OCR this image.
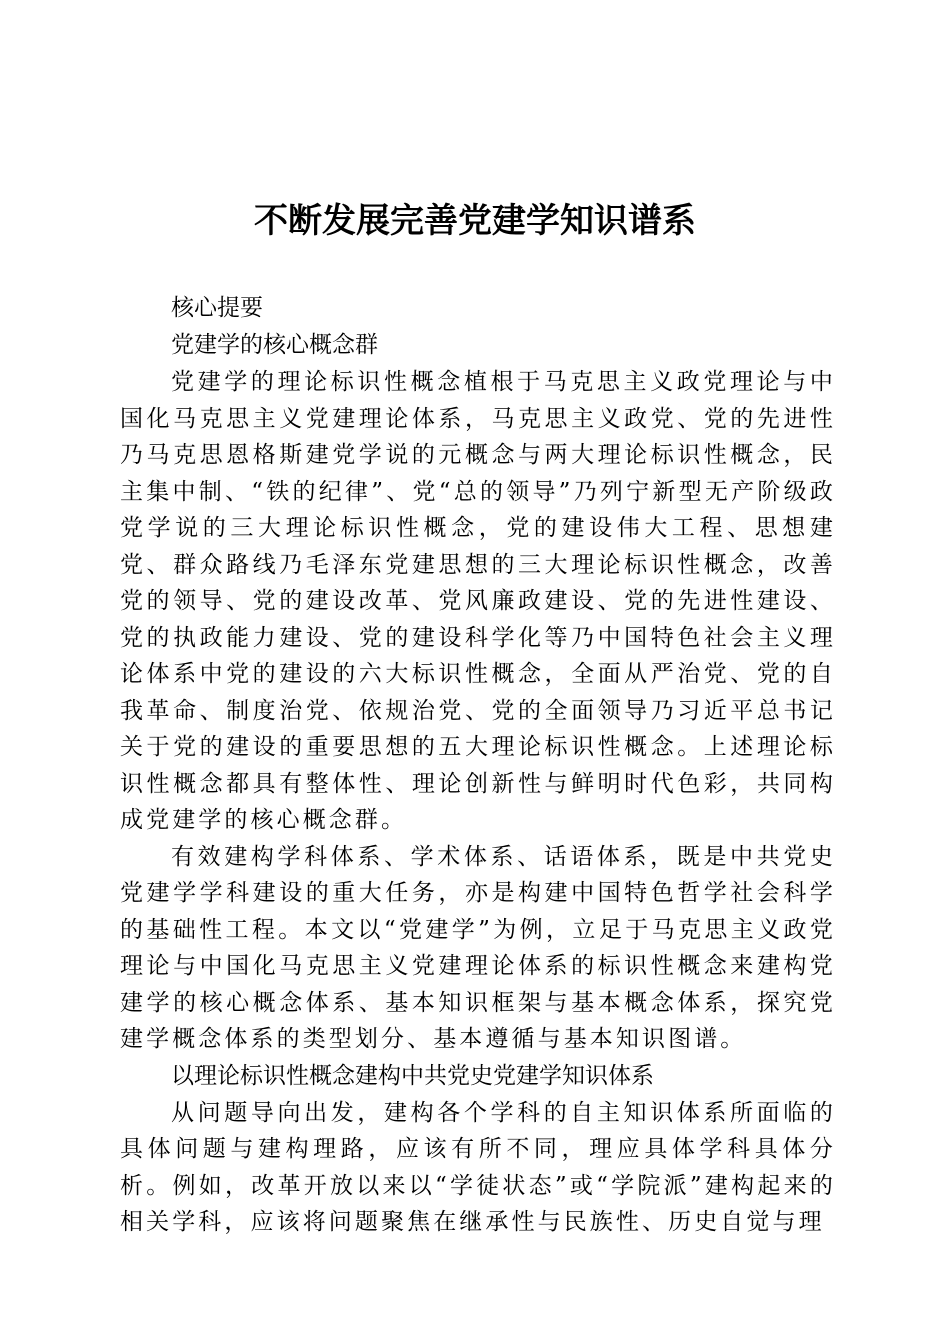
不断发展完善党建学知识谱系
核心提要
党建学的核心概念群

党建学的理论标识性概念植根于马克思主义政党理论与中国化马克思主义党建理论体系，马克思主义政党、党的先进性乃马克思恩格斯建党学说的元概念与两大理论标识性概念，民主集中制、“铁的纪律”、党“总的领导”乃列宁新型无产阶级政党学说的三大理论标识性概念，党的建设伟大工程、思想建党、群众路线乃毛泽东党建思想的三大理论标识性概念，改善党的领导、党的建设改革、党风廉政建设、党的先进性建设、党的执政能力建设、党的建设科学化等乃中国特色社会主义理论体系中党的建设的六大标识性概念，全面从严治党、党的自我革命、制度治党、依规治党、党的全面领导乃习近平总书记关于党的建设的重要思想的五大理论标识性概念。上述理论标识性概念都具有整体性、理论创新性与鲜明时代色彩，共同构成党建学的核心概念群。

有效建构学科体系、学术体系、话语体系，既是中共党史党建学学科建设的重大任务，亦是构建中国特色哲学社会科学的基础性工程。本文以“党建学”为例，立足于马克思主义政党理论与中国化马克思主义党建理论体系的标识性概念来建构党建学的核心概念体系、基本知识框架与基本概念体系，探究党建学概念体系的类型划分、基本遵循与基本知识图谱。

以理论标识性概念建构中共党史党建学知识体系

从问题导向出发，建构各个学科的自主知识体系所面临的具体问题与建构理路，应该有所不同，理应具体学科具体分析。例如，改革开放以来以“学徒状态”或“学院派”建构起来的相关学科，应该将问题聚焦在继承性与民族性、历史自觉与理
